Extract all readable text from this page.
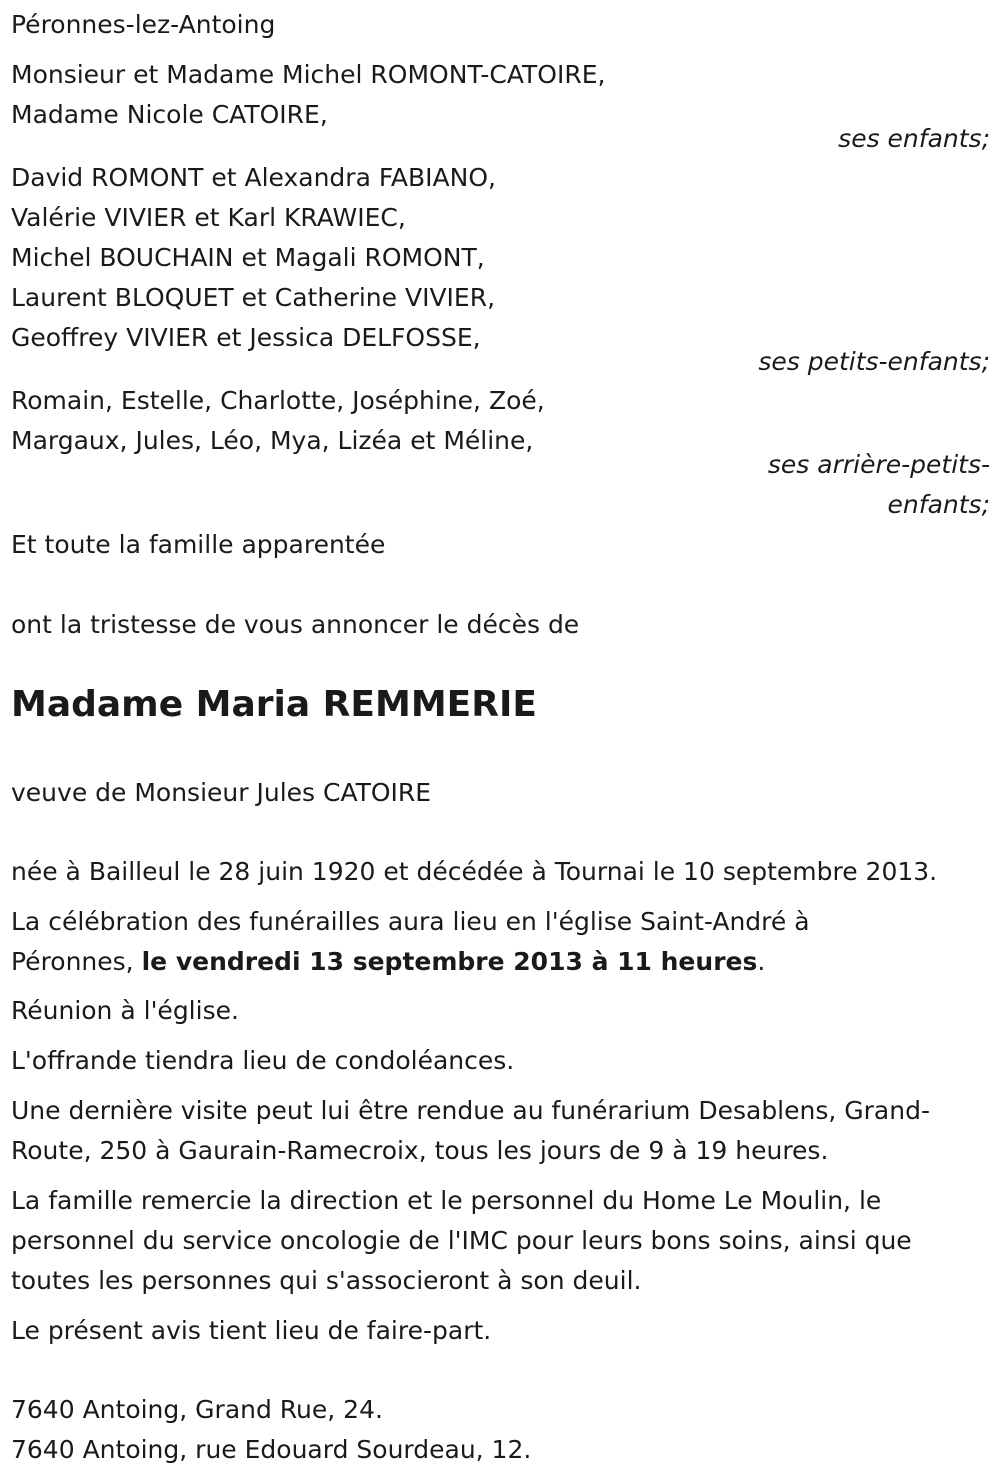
Péronnes-lez-Antoing
Monsieur et Madame Michel ROMONT-CATOIRE,
Madame Nicole CATOIRE,
ses enfants;
David ROMONT et Alexandra FABIANO,
Valérie VIVIER et Karl KRAWIEC,
Michel BOUCHAIN et Magali ROMONT,
Laurent BLOQUET et Catherine VIVIER,
Geoffrey VIVIER et Jessica DELFOSSE,
ses petits-enfants;
Romain, Estelle, Charlotte, Joséphine, Zoé,
Margaux, Jules, Léo, Mya, Lizéa et Méline,
ses arrière-petits-
enfants;
Et toute la famille apparentée
ont la tristesse de vous annoncer le décès de
Madame Maria REMMERIE
veuve de Monsieur Jules CATOIRE
née à Bailleul le 28 juin 1920 et décédée à Tournai le 10 septembre 2013.
La célébration des funérailles aura lieu en l'église Saint-André à
Péronnes, le vendredi 13 septembre 2013 à 11 heures.
Réunion à l'église.
L'offrande tiendra lieu de condoléances.
Une dernière visite peut lui être rendue au funérarium Desablens, Grand-
Route, 250 à Gaurain-Ramecroix, tous les jours de 9 à 19 heures.
La famille remercie la direction et le personnel du Home Le Moulin, le
personnel du service oncologie de l'IMC pour leurs bons soins, ainsi que
toutes les personnes qui s'associeront à son deuil.
Le présent avis tient lieu de faire-part.
7640 Antoing, Grand Rue, 24.
7640 Antoing, rue Edouard Sourdeau, 12.
